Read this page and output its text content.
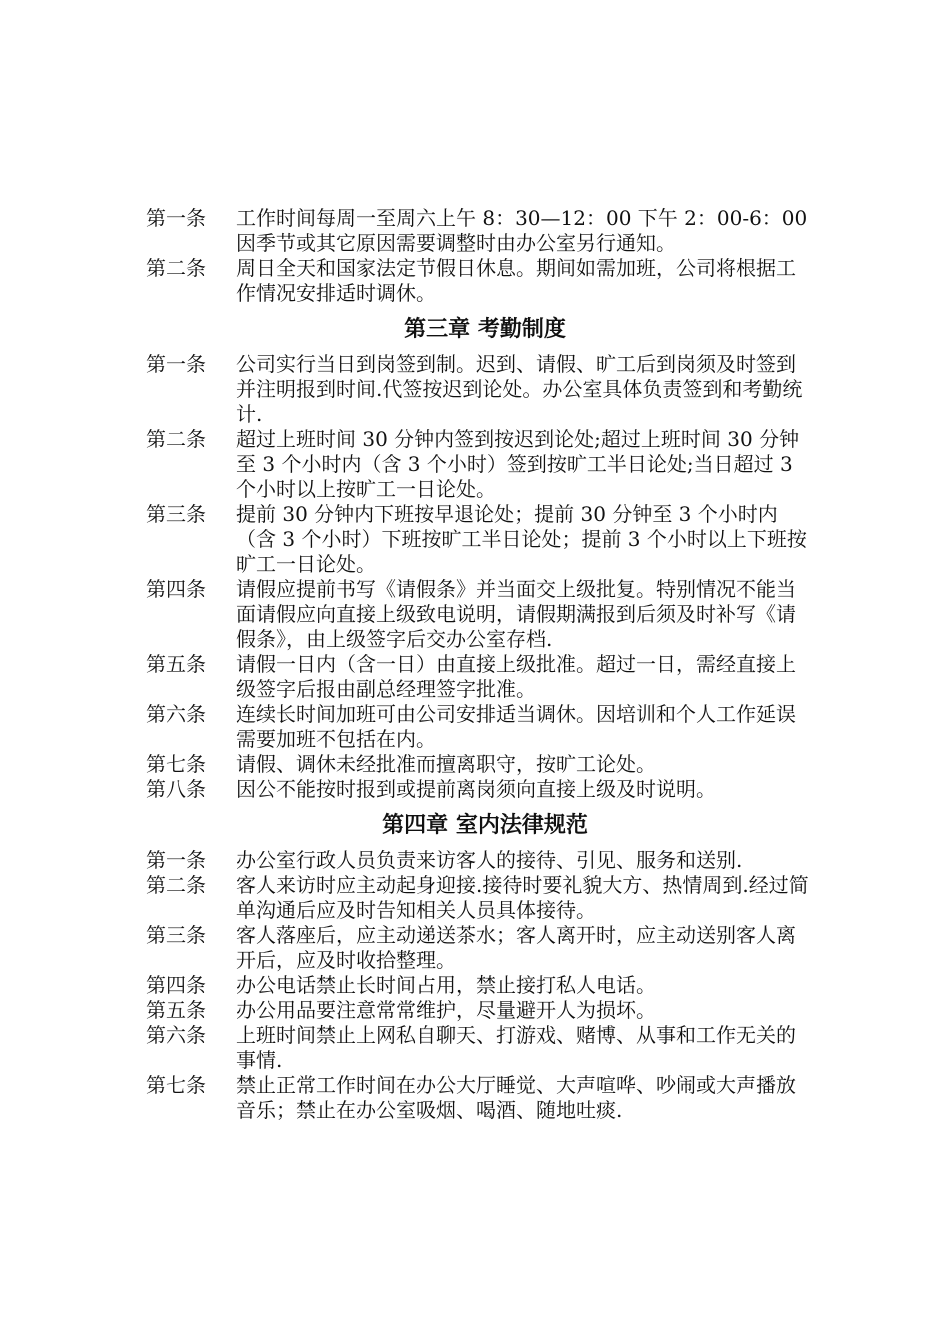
第一条	工作时间每周一至周六上午 8：30—12：00 下午 2：00-6：00 因季节或其它原因需要调整时由办公室另行通知。
第二条	周日全天和国家法定节假日休息。期间如需加班，公司将根据工作情况安排适时调休。
第三章 考勤制度
第一条	公司实行当日到岗签到制。迟到、请假、旷工后到岗须及时签到并注明报到时间.代签按迟到论处。办公室具体负责签到和考勤统计.
第二条	超过上班时间 30 分钟内签到按迟到论处;超过上班时间 30 分钟至 3 个小时内（含 3 个小时）签到按旷工半日论处;当日超过 3 个小时以上按旷工一日论处。
第三条	提前 30 分钟内下班按早退论处；提前 30 分钟至 3 个小时内（含 3 个小时）下班按旷工半日论处；提前 3 个小时以上下班按旷工一日论处。
第四条	请假应提前书写《请假条》并当面交上级批复。特别情况不能当面请假应向直接上级致电说明，请假期满报到后须及时补写《请假条》，由上级签字后交办公室存档.
第五条	请假一日内（含一日）由直接上级批准。超过一日，需经直接上级签字后报由副总经理签字批准。
第六条	连续长时间加班可由公司安排适当调休。因培训和个人工作延误需要加班不包括在内。
第七条	请假、调休未经批准而擅离职守，按旷工论处。
第八条	因公不能按时报到或提前离岗须向直接上级及时说明。
第四章 室内法律规范
第一条	办公室行政人员负责来访客人的接待、引见、服务和送别.
第二条	客人来访时应主动起身迎接.接待时要礼貌大方、热情周到.经过简单沟通后应及时告知相关人员具体接待。
第三条	客人落座后，应主动递送茶水；客人离开时，应主动送别客人离开后，应及时收拾整理。
第四条	办公电话禁止长时间占用，禁止接打私人电话。
第五条	办公用品要注意常常维护，尽量避开人为损坏。
第六条	上班时间禁止上网私自聊天、打游戏、赌博、从事和工作无关的事情.
第七条	禁止正常工作时间在办公大厅睡觉、大声喧哗、吵闹或大声播放音乐；禁止在办公室吸烟、喝酒、随地吐痰.
